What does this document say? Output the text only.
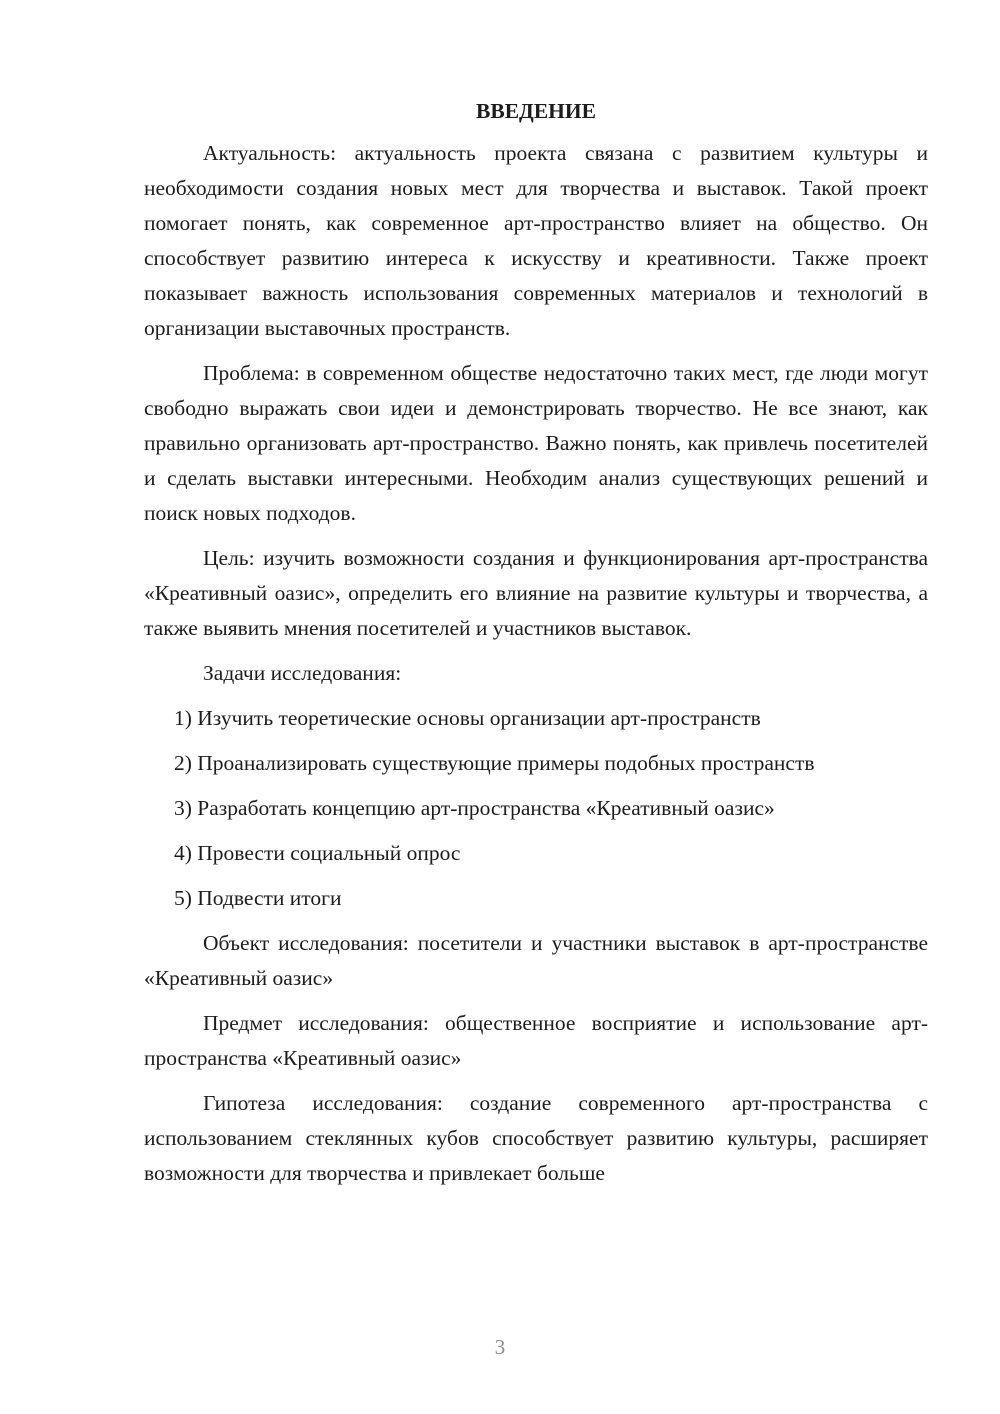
ВВЕДЕНИЕ

Актуальность: актуальность проекта связана с развитием культуры и необходимости создания новых мест для творчества и выставок. Такой проект помогает понять, как современное арт-пространство влияет на общество. Он способствует развитию интереса к искусству и креативности. Также проект показывает важность использования современных материалов и технологий в организации выставочных пространств.

Проблема: в современном обществе недостаточно таких мест, где люди могут свободно выражать свои идеи и демонстрировать творчество. Не все знают, как правильно организовать арт-пространство. Важно понять, как привлечь посетителей и сделать выставки интересными. Необходим анализ существующих решений и поиск новых подходов.

Цель: изучить возможности создания и функционирования арт-пространства «Креативный оазис», определить его влияние на развитие культуры и творчества, а также выявить мнения посетителей и участников выставок.

Задачи исследования:

1) Изучить теоретические основы организации арт-пространств
2) Проанализировать существующие примеры подобных пространств
3) Разработать концепцию арт-пространства «Креативный оазис»
4) Провести социальный опрос
5) Подвести итоги

Объект исследования: посетители и участники выставок в арт-пространстве «Креативный оазис»

Предмет исследования: общественное восприятие и использование арт-пространства «Креативный оазис»

Гипотеза исследования: создание современного арт-пространства с использованием стеклянных кубов способствует развитию культуры, расширяет возможности для творчества и привлекает больше

3
